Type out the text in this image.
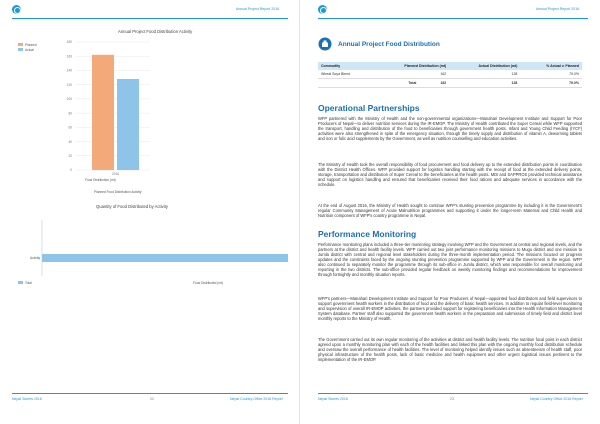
Annual Project Report 2016
Annual Project Food Distribution Activity
0
20
40
60
80
100
120
140
160
180
2016
Planned
Actual
Food Distribution (mt)
Planned Food Distribution Activity
Quantity of Food Distributed by Activity
Activity
Total	Food Distributed (mt)
Nepal Stories 2016	22	Nepal Country Office 2016 Report
Annual Project Report 2016
Annual Project Food Distribution
Nepal Stories 2016	23	Nepal Country Office 2016 Report
Commodity	Planned Distribution (mt)	Actual Distribution (mt)	% Actual v. Planned
Wheat Soya Blend	162	128	79.0%
	Total 162	128	79.0%
Operational Partnerships
WFP partnered with the Ministry of Health and the non-governmental organizations—Manahari Development Institute and Support for Poor Producers of Nepal—to deliver nutrition services during the IR-EMOP. The Ministry of Health contributed the Super Cereal while WFP supported the transport, handling and distribution of the food to beneficiaries through government health posts. Infant and Young Child Feeding (IYCF) activities were also strengthened in spite of the emergency situation, through the timely supply and distribution of vitamin A, deworming tablets and iron or folic acid supplements by the Government, as well as nutrition counselling and education activities.
The Ministry of Health took the overall responsibility of food procurement and food delivery up to the extended distribution points in coordination with the District Health Offices. WFP provided support for logistics handling starting with the receipt of food at the extended delivery points, storage, transportation and distribution of Super Cereal to the beneficiaries at the health posts. MDI and SAPPROS provided technical assistance and support on logistics handling and ensured that beneficiaries received their food rations and adequate services in accordance with the schedule.
At the end of August 2016, the Ministry of Health sought to continue WFP's stunting prevention programme by including it in the Government's regular Community Management of Acute Malnutrition programmes and supporting it under the longer-term Maternal and Child Health and Nutrition component of WFP's country programme in Nepal.
Performance Monitoring
Performance monitoring plans included a three-tier monitoring strategy involving WFP and the Government at central and regional levels, and the partners at the district and health facility levels. WFP carried out two joint performance monitoring missions to Mugu district and one mission to Jumla district with central and regional level stakeholders during the three-month implementation period. The missions focused on progress updates and the constraints faced by the ongoing stunting prevention programme supported by WFP and the Government in the region. WFP also continued to separately monitor the programme through its sub-office in Jumla district, which was responsible for overall monitoring and reporting in the two districts. The sub-office provided regular feedback on weekly monitoring findings and recommendations for improvement through fortnightly and monthly situation reports.
WFP's partners—Manahari Development Institute and Support for Poor Producers of Nepal—appointed food distributors and field supervisors to support government health workers in the distribution of food and the delivery of basic health services. In addition to regular field-level monitoring and supervision of overall IR-EMOP activities, the partners provided support for registering beneficiaries into the Health Information Management System database. Partner staff also supported the government health workers in the preparation and submission of timely field and district level monthly reports to the Ministry of Health.
The Government carried out its own regular monitoring of the activities at district and health facility levels. The nutrition focal point in each district agreed upon a monthly monitoring plan with each of the health facilities and linked this plan with the ongoing monthly food distribution schedule and oversaw the overall performance of health facilities. The level of monitoring helped identify issues such as absenteeism of health staff, poor physical infrastructure of the health posts, lack of basic medicine and health equipment and other urgent logistical issues pertinent to the implementation of the IR-EMOP.
